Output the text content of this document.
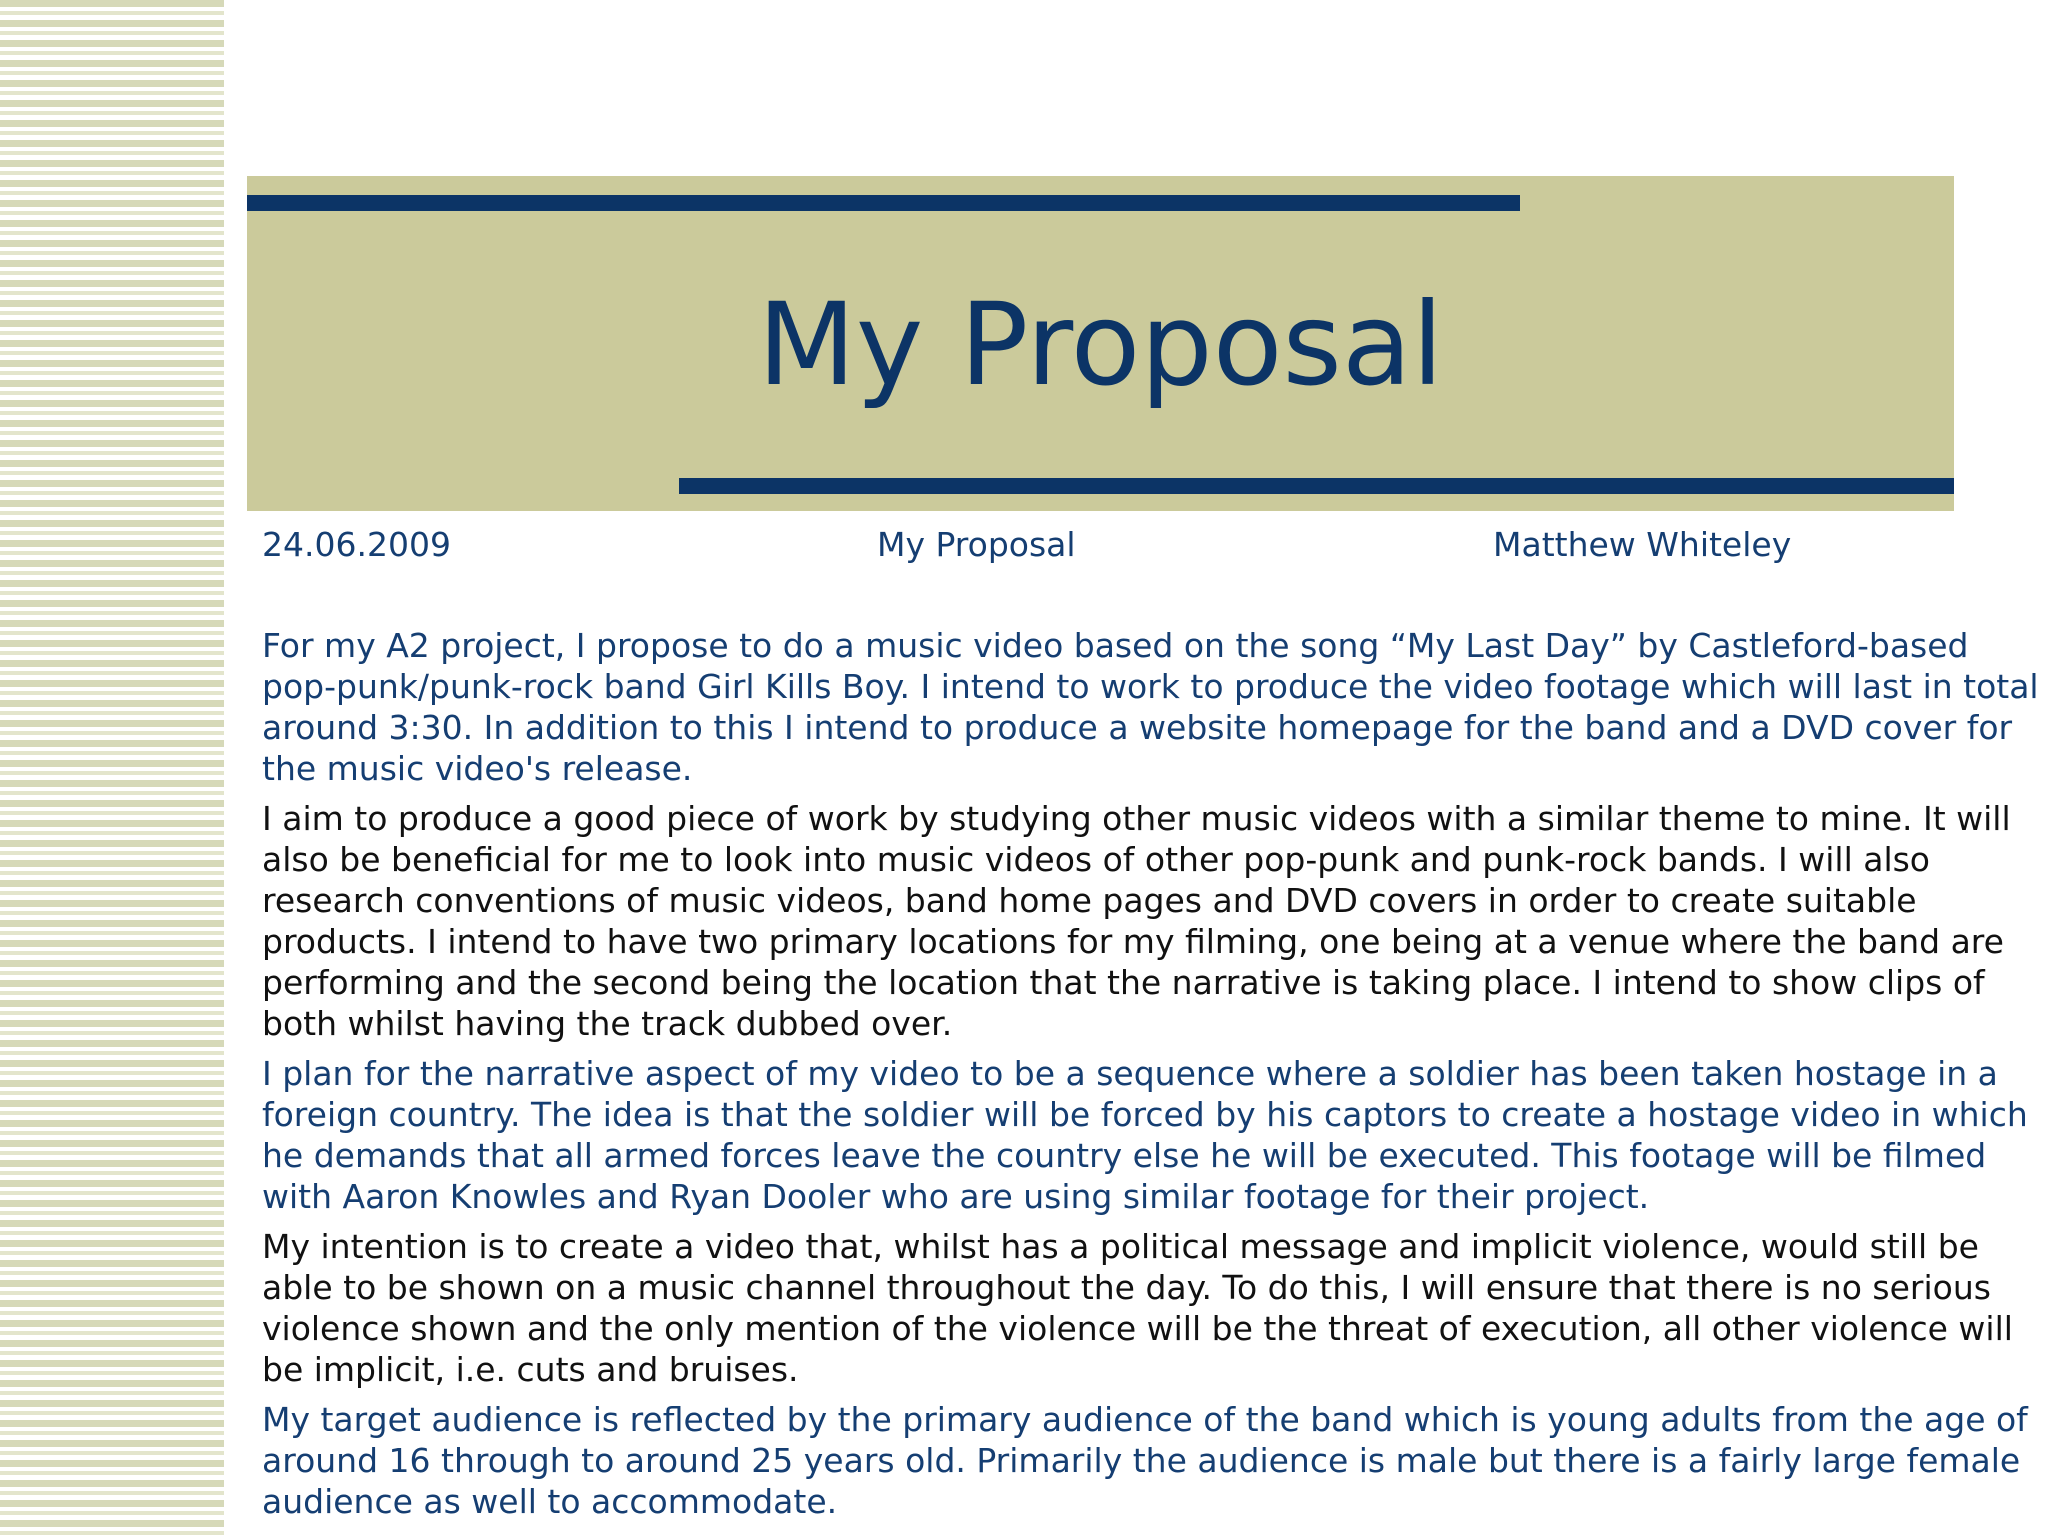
My Proposal
24.06.2009	My Proposal	Matthew Whiteley

For my A2 project, I propose to do a music video based on the song “My Last Day” by Castleford-based pop-punk/punk-rock band Girl Kills Boy. I intend to work to produce the video footage which will last in total around 3:30. In addition to this I intend to produce a website homepage for the band and a DVD cover for the music video's release.

I aim to produce a good piece of work by studying other music videos with a similar theme to mine. It will also be beneficial for me to look into music videos of other pop-punk and punk-rock bands. I will also research conventions of music videos, band home pages and DVD covers in order to create suitable products. I intend to have two primary locations for my filming, one being at a venue where the band are performing and the second being the location that the narrative is taking place. I intend to show clips of both whilst having the track dubbed over.

I plan for the narrative aspect of my video to be a sequence where a soldier has been taken hostage in a foreign country. The idea is that the soldier will be forced by his captors to create a hostage video in which he demands that all armed forces leave the country else he will be executed. This footage will be filmed with Aaron Knowles and Ryan Dooler who are using similar footage for their project.

My intention is to create a video that, whilst has a political message and implicit violence, would still be able to be shown on a music channel throughout the day. To do this, I will ensure that there is no serious violence shown and the only mention of the violence will be the threat of execution, all other violence will be implicit, i.e. cuts and bruises.

My target audience is reflected by the primary audience of the band which is young adults from the age of around 16 through to around 25 years old. Primarily the audience is male but there is a fairly large female audience as well to accommodate.
